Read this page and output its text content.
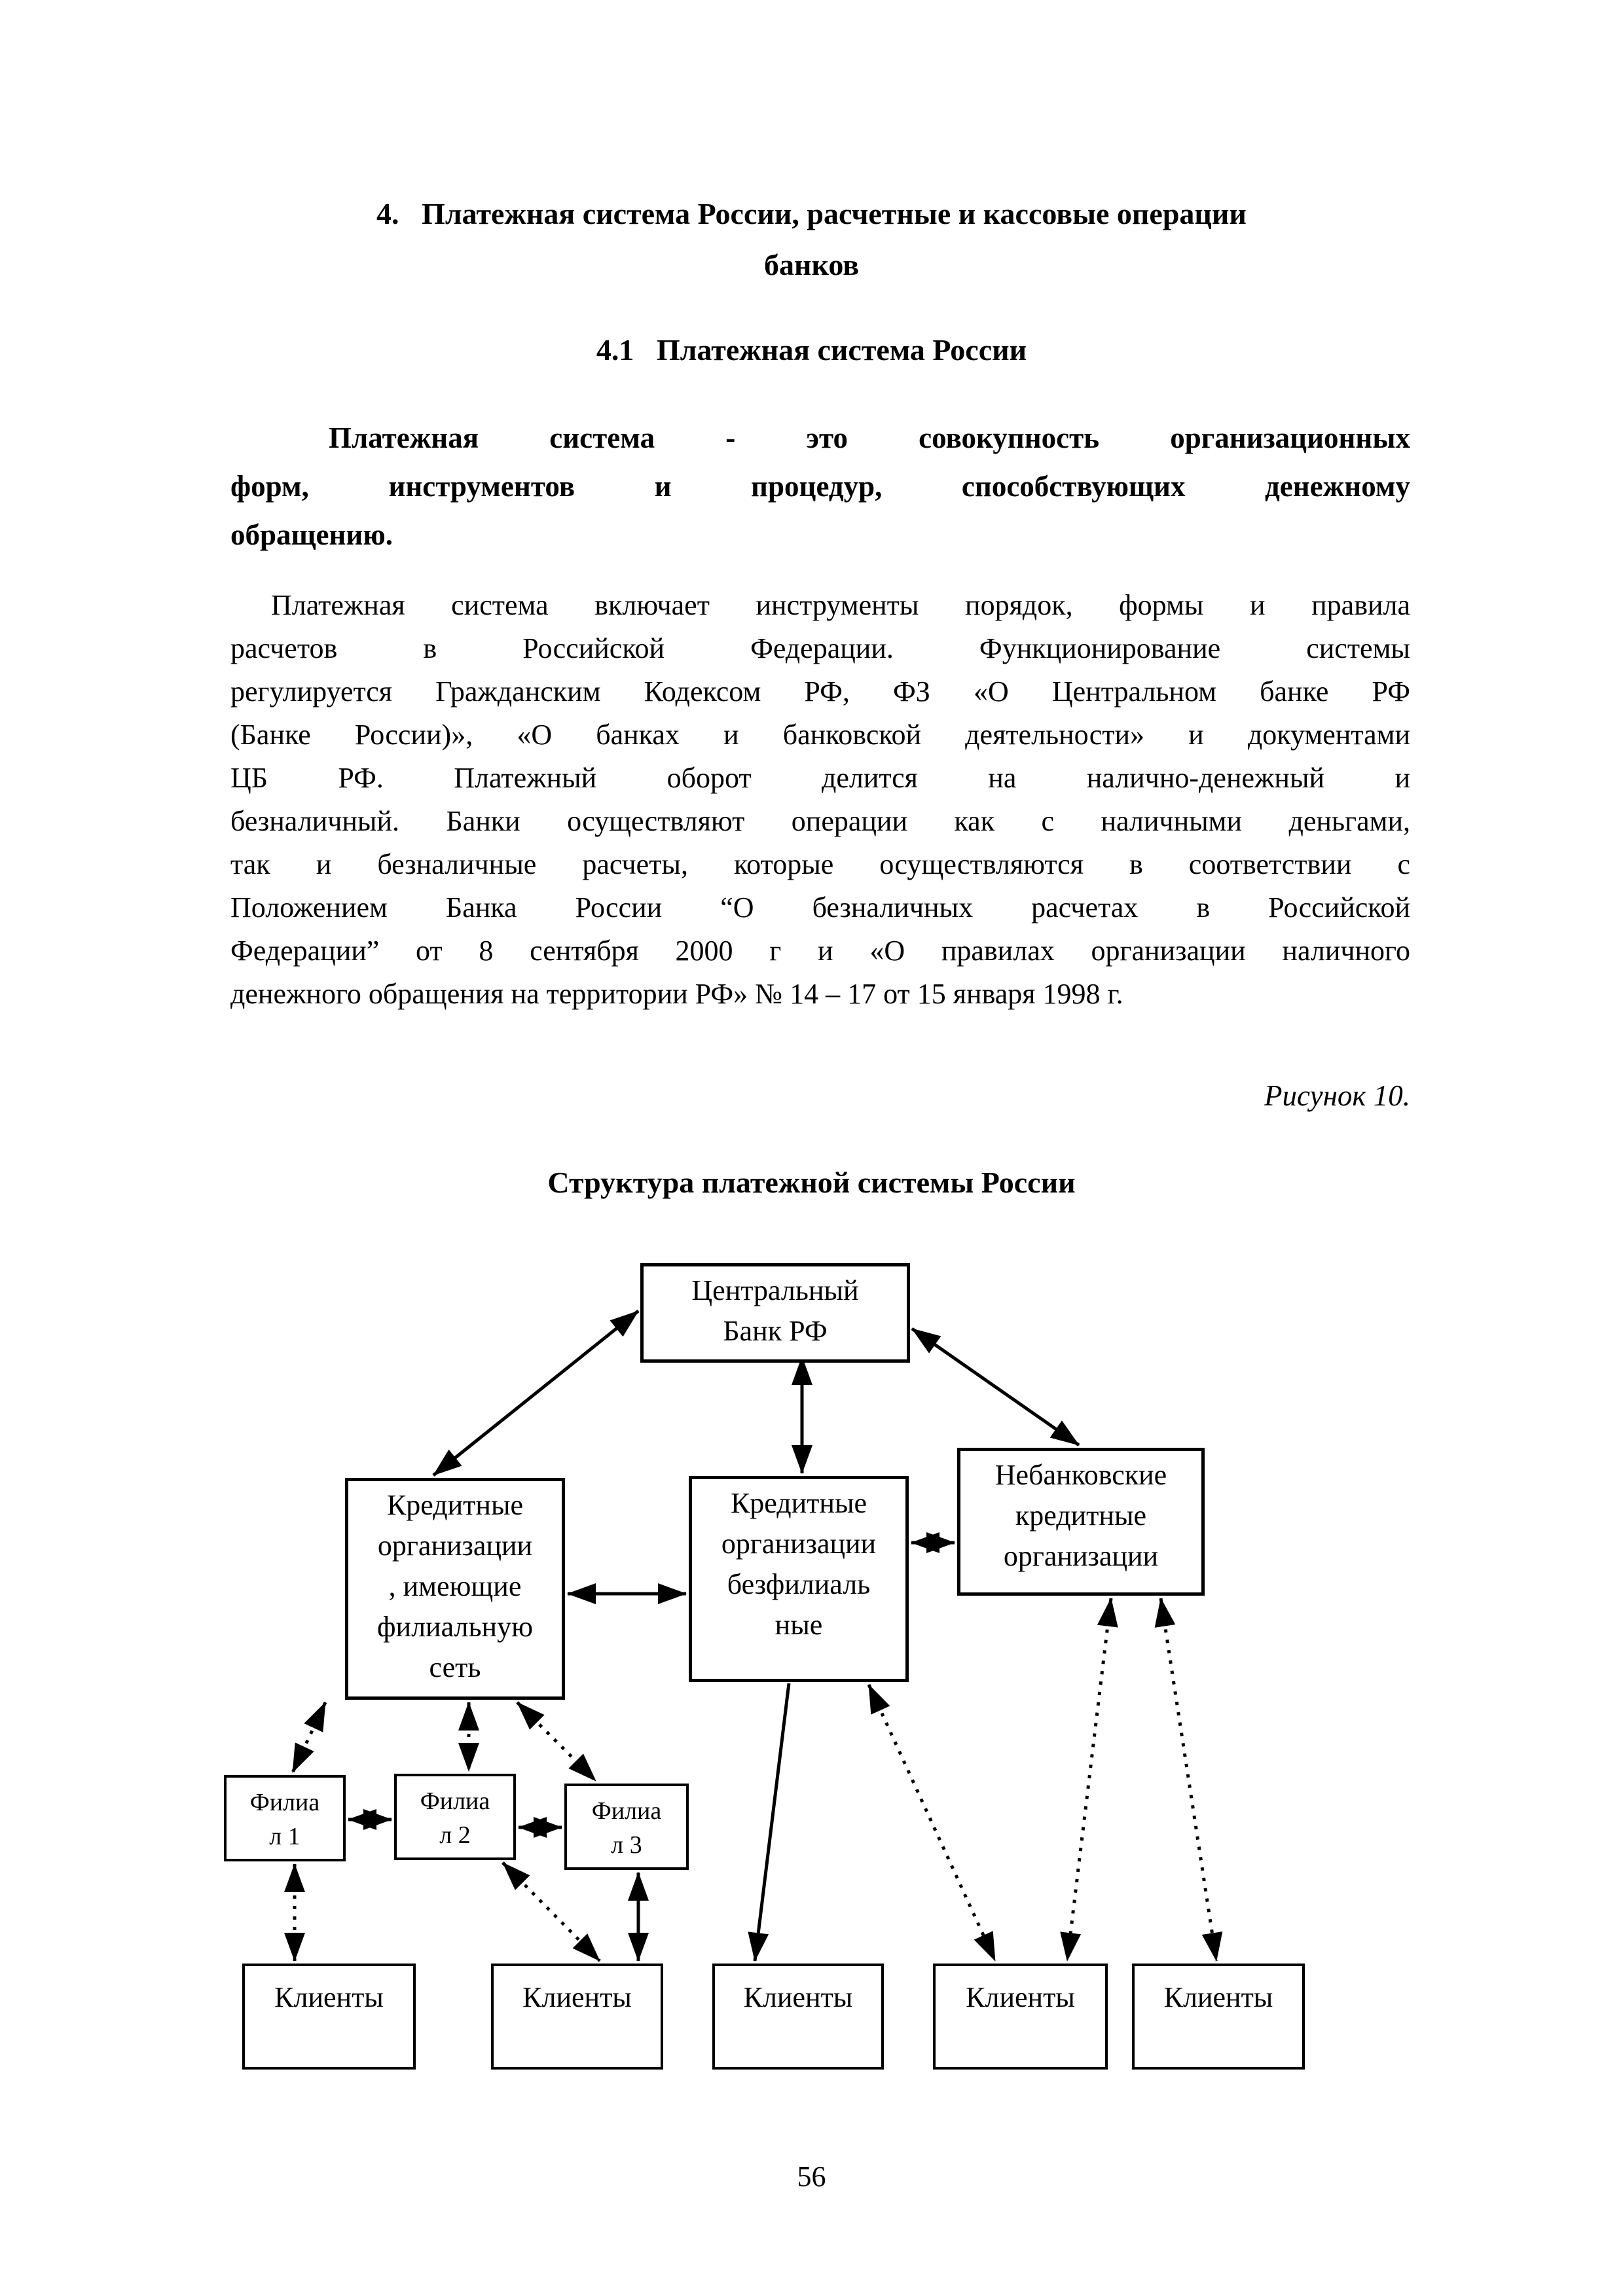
4.   Платежная система России, расчетные и кассовые операции
банков
4.1   Платежная система России
Платежная система - это совокупность организационных
форм, инструментов и процедур, способствующих денежному
обращению.
Платежная система включает инструменты порядок, формы и правила
расчетов в Российской Федерации. Функционирование системы
регулируется Гражданским Кодексом РФ, ФЗ «О Центральном банке РФ
(Банке России)», «О банках и банковской деятельности» и документами
ЦБ РФ. Платежный оборот делится на налично-денежный и
безналичный. Банки осуществляют операции как с наличными деньгами,
так и безналичные расчеты, которые осуществляются в соответствии с
Положением Банка России “О безналичных расчетах в Российской
Федерации” от 8 сентября 2000 г и «О правилах организации наличного
денежного обращения на территории РФ» № 14 – 17 от 15 января 1998 г.
Рисунок 10.
Структура платежной системы России
Центральный
Банк РФ
Кредитные
организации
, имеющие
филиальную
сеть
Кредитные
организации
безфилиаль
ные
Небанковские
кредитные
организации
Филиа
л 1
Филиа
л 2
Филиа
л 3
Клиенты	Клиенты	Клиенты	Клиенты	Клиенты
56
